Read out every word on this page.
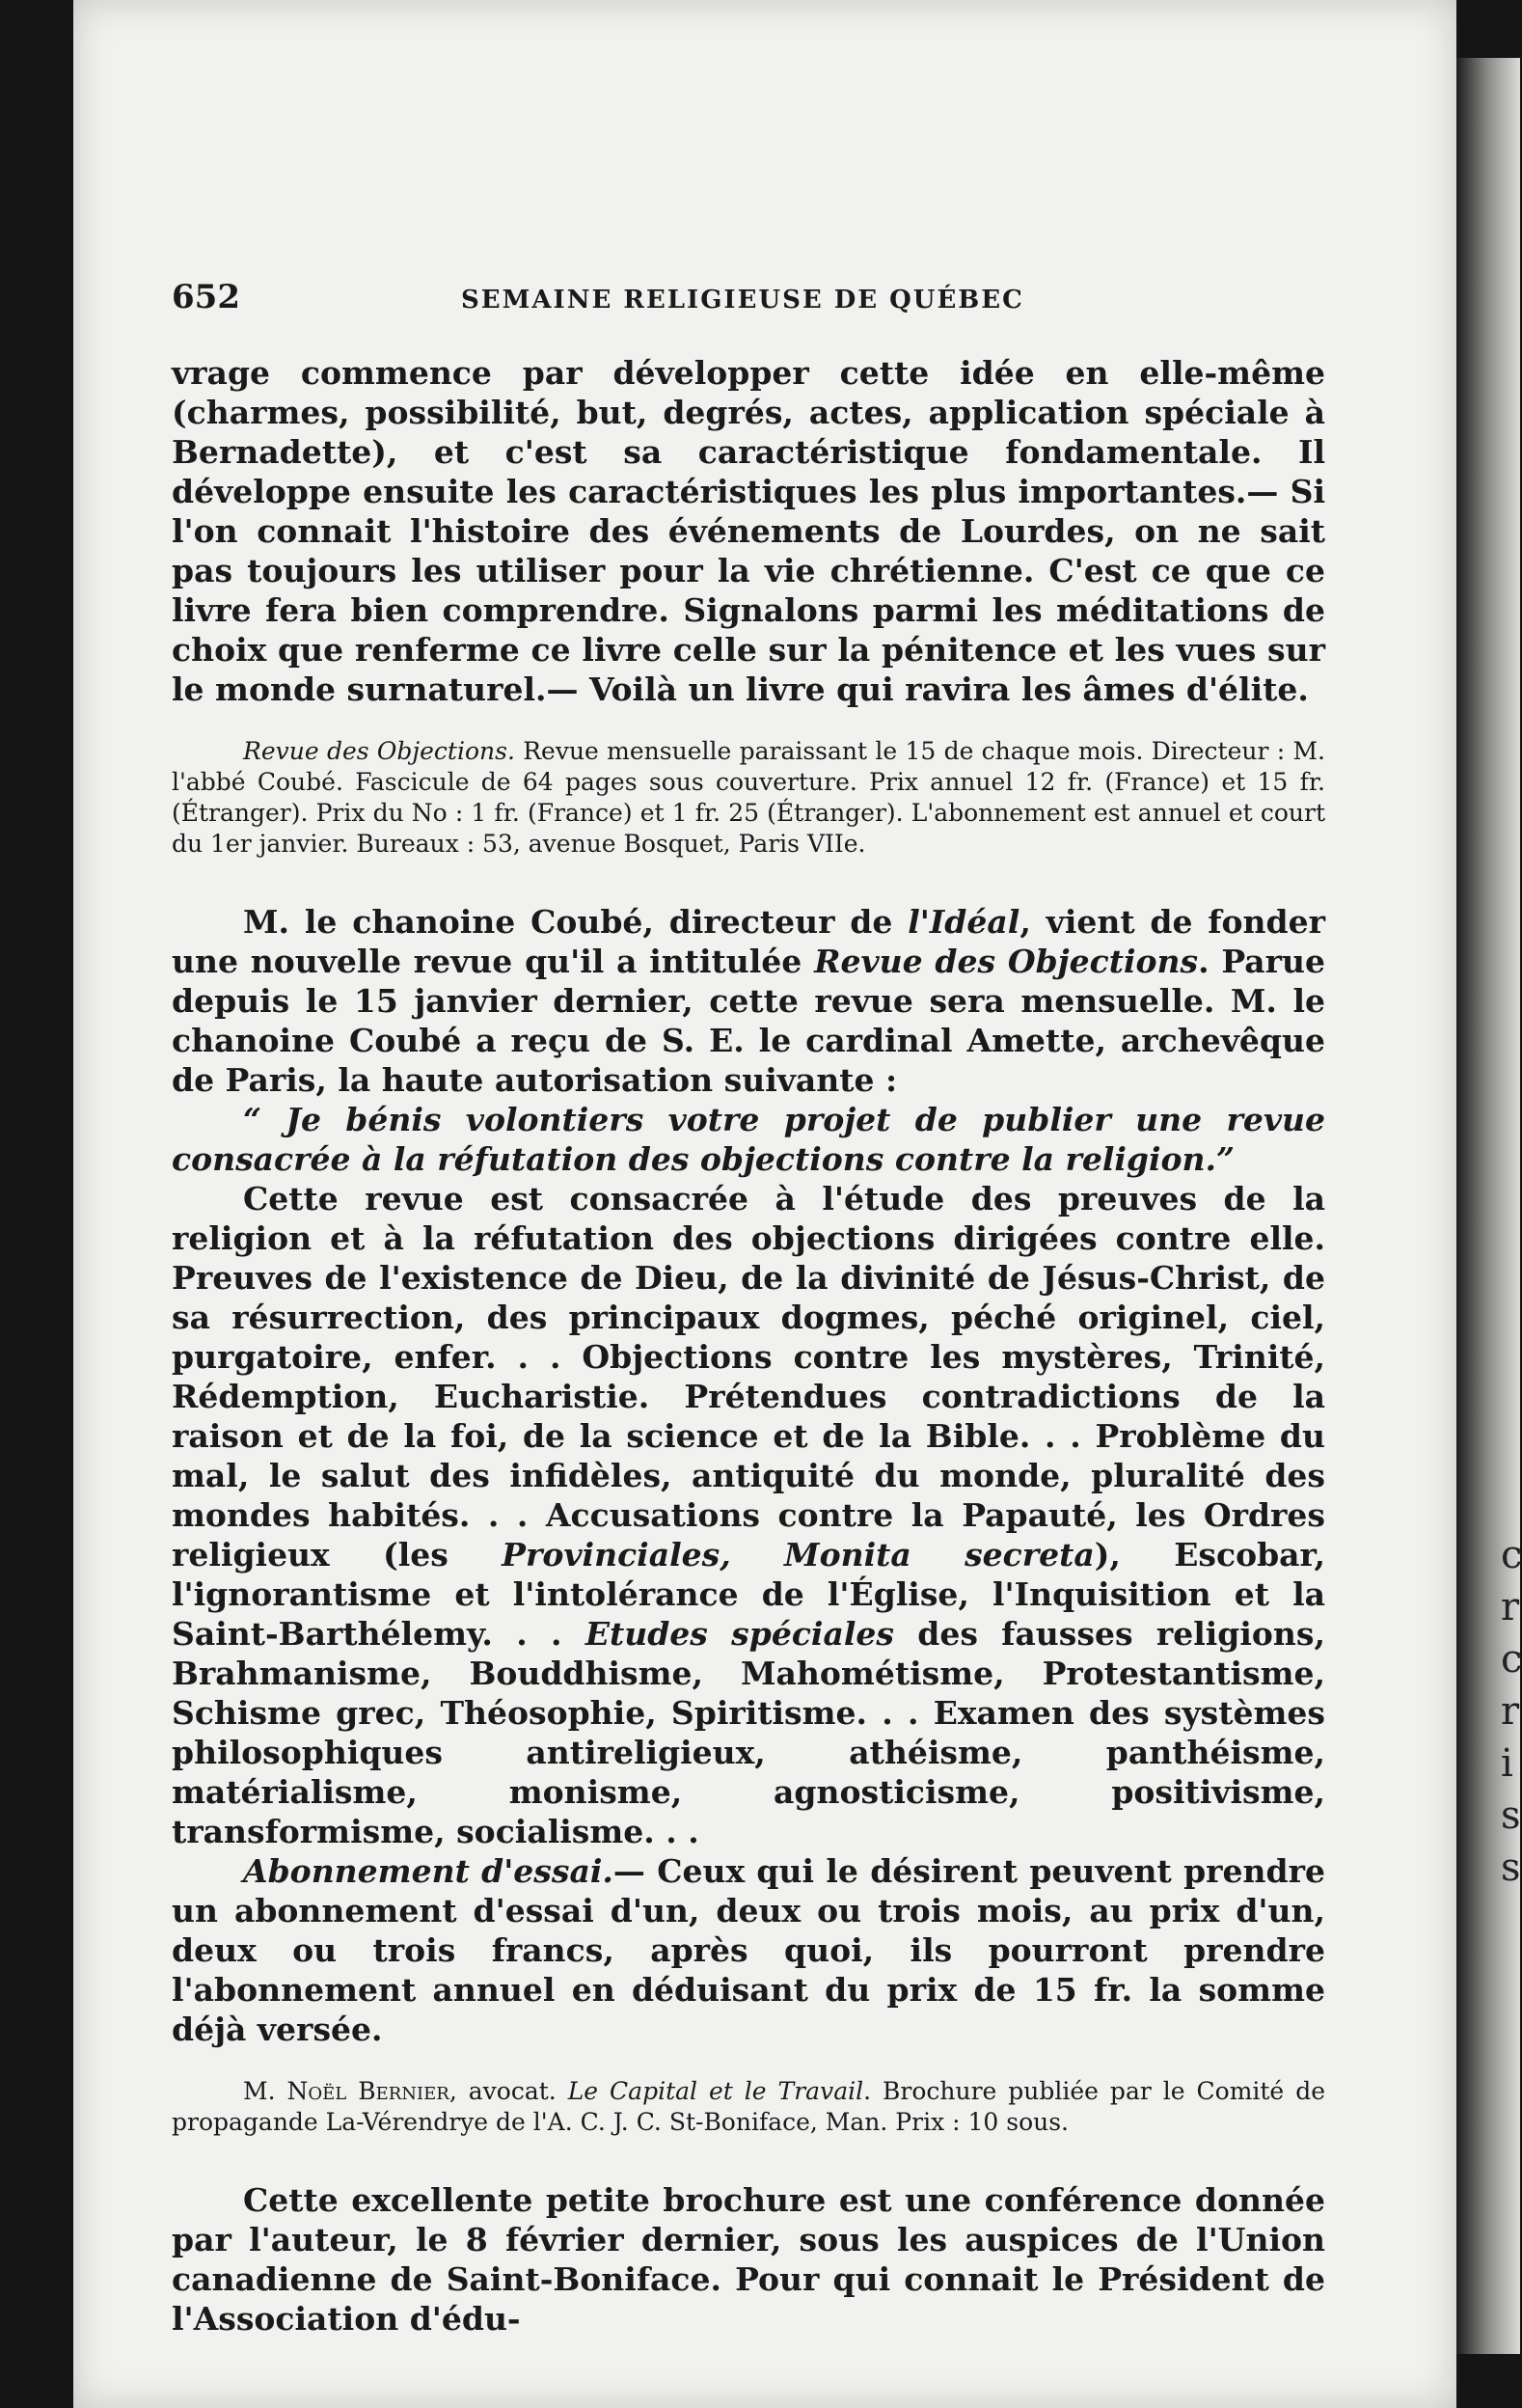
c
r
c
r
i
s
s
652	SEMAINE RELIGIEUSE DE QUÉBEC

vrage commence par développer cette idée en elle-même (charmes, possibilité, but, degrés, actes, application spéciale à Bernadette), et c'est sa caractéristique fondamentale. Il développe ensuite les caractéristiques les plus importantes.— Si l'on connait l'histoire des événements de Lourdes, on ne sait pas toujours les utiliser pour la vie chrétienne. C'est ce que ce livre fera bien comprendre. Signalons parmi les méditations de choix que renferme ce livre celle sur la pénitence et les vues sur le monde surnaturel.— Voilà un livre qui ravira les âmes d'élite.

Revue des Objections. Revue mensuelle paraissant le 15 de chaque mois. Directeur : M. l'abbé Coubé. Fascicule de 64 pages sous couverture. Prix annuel 12 fr. (France) et 15 fr. (Étranger). Prix du No : 1 fr. (France) et 1 fr. 25 (Étranger). L'abonnement est annuel et court du 1er janvier. Bureaux : 53, avenue Bosquet, Paris VIIe.

M. le chanoine Coubé, directeur de l'Idéal, vient de fonder une nouvelle revue qu'il a intitulée Revue des Objections. Parue depuis le 15 janvier dernier, cette revue sera mensuelle. M. le chanoine Coubé a reçu de S. E. le cardinal Amette, archevêque de Paris, la haute autorisation suivante :

“ Je bénis volontiers votre projet de publier une revue consacrée à la réfutation des objections contre la religion.”

Cette revue est consacrée à l'étude des preuves de la religion et à la réfutation des objections dirigées contre elle. Preuves de l'existence de Dieu, de la divinité de Jésus-Christ, de sa résurrection, des principaux dogmes, péché originel, ciel, purgatoire, enfer. . . Objections contre les mystères, Trinité, Rédemption, Eucharistie. Prétendues contradictions de la raison et de la foi, de la science et de la Bible. . . Problème du mal, le salut des infidèles, antiquité du monde, pluralité des mondes habités. . . Accusations contre la Papauté, les Ordres religieux (les Provinciales, Monita secreta), Escobar, l'ignorantisme et l'intolérance de l'Église, l'Inquisition et la Saint-Barthélemy. . . Etudes spéciales des fausses religions, Brahmanisme, Bouddhisme, Mahométisme, Protestantisme, Schisme grec, Théosophie, Spiritisme. . . Examen des systèmes philosophiques antireligieux, athéisme, panthéisme, matérialisme, monisme, agnosticisme, positivisme, transformisme, socialisme. . .

Abonnement d'essai.— Ceux qui le désirent peuvent prendre un abonnement d'essai d'un, deux ou trois mois, au prix d'un, deux ou trois francs, après quoi, ils pourront prendre l'abonnement annuel en déduisant du prix de 15 fr. la somme déjà versée.

M. Noël Bernier, avocat. Le Capital et le Travail. Brochure publiée par le Comité de propagande La-Vérendrye de l'A. C. J. C. St-Boniface, Man. Prix : 10 sous.

Cette excellente petite brochure est une conférence donnée par l'auteur, le 8 février dernier, sous les auspices de l'Union canadienne de Saint-Boniface. Pour qui connait le Président de l'Association d'édu-
